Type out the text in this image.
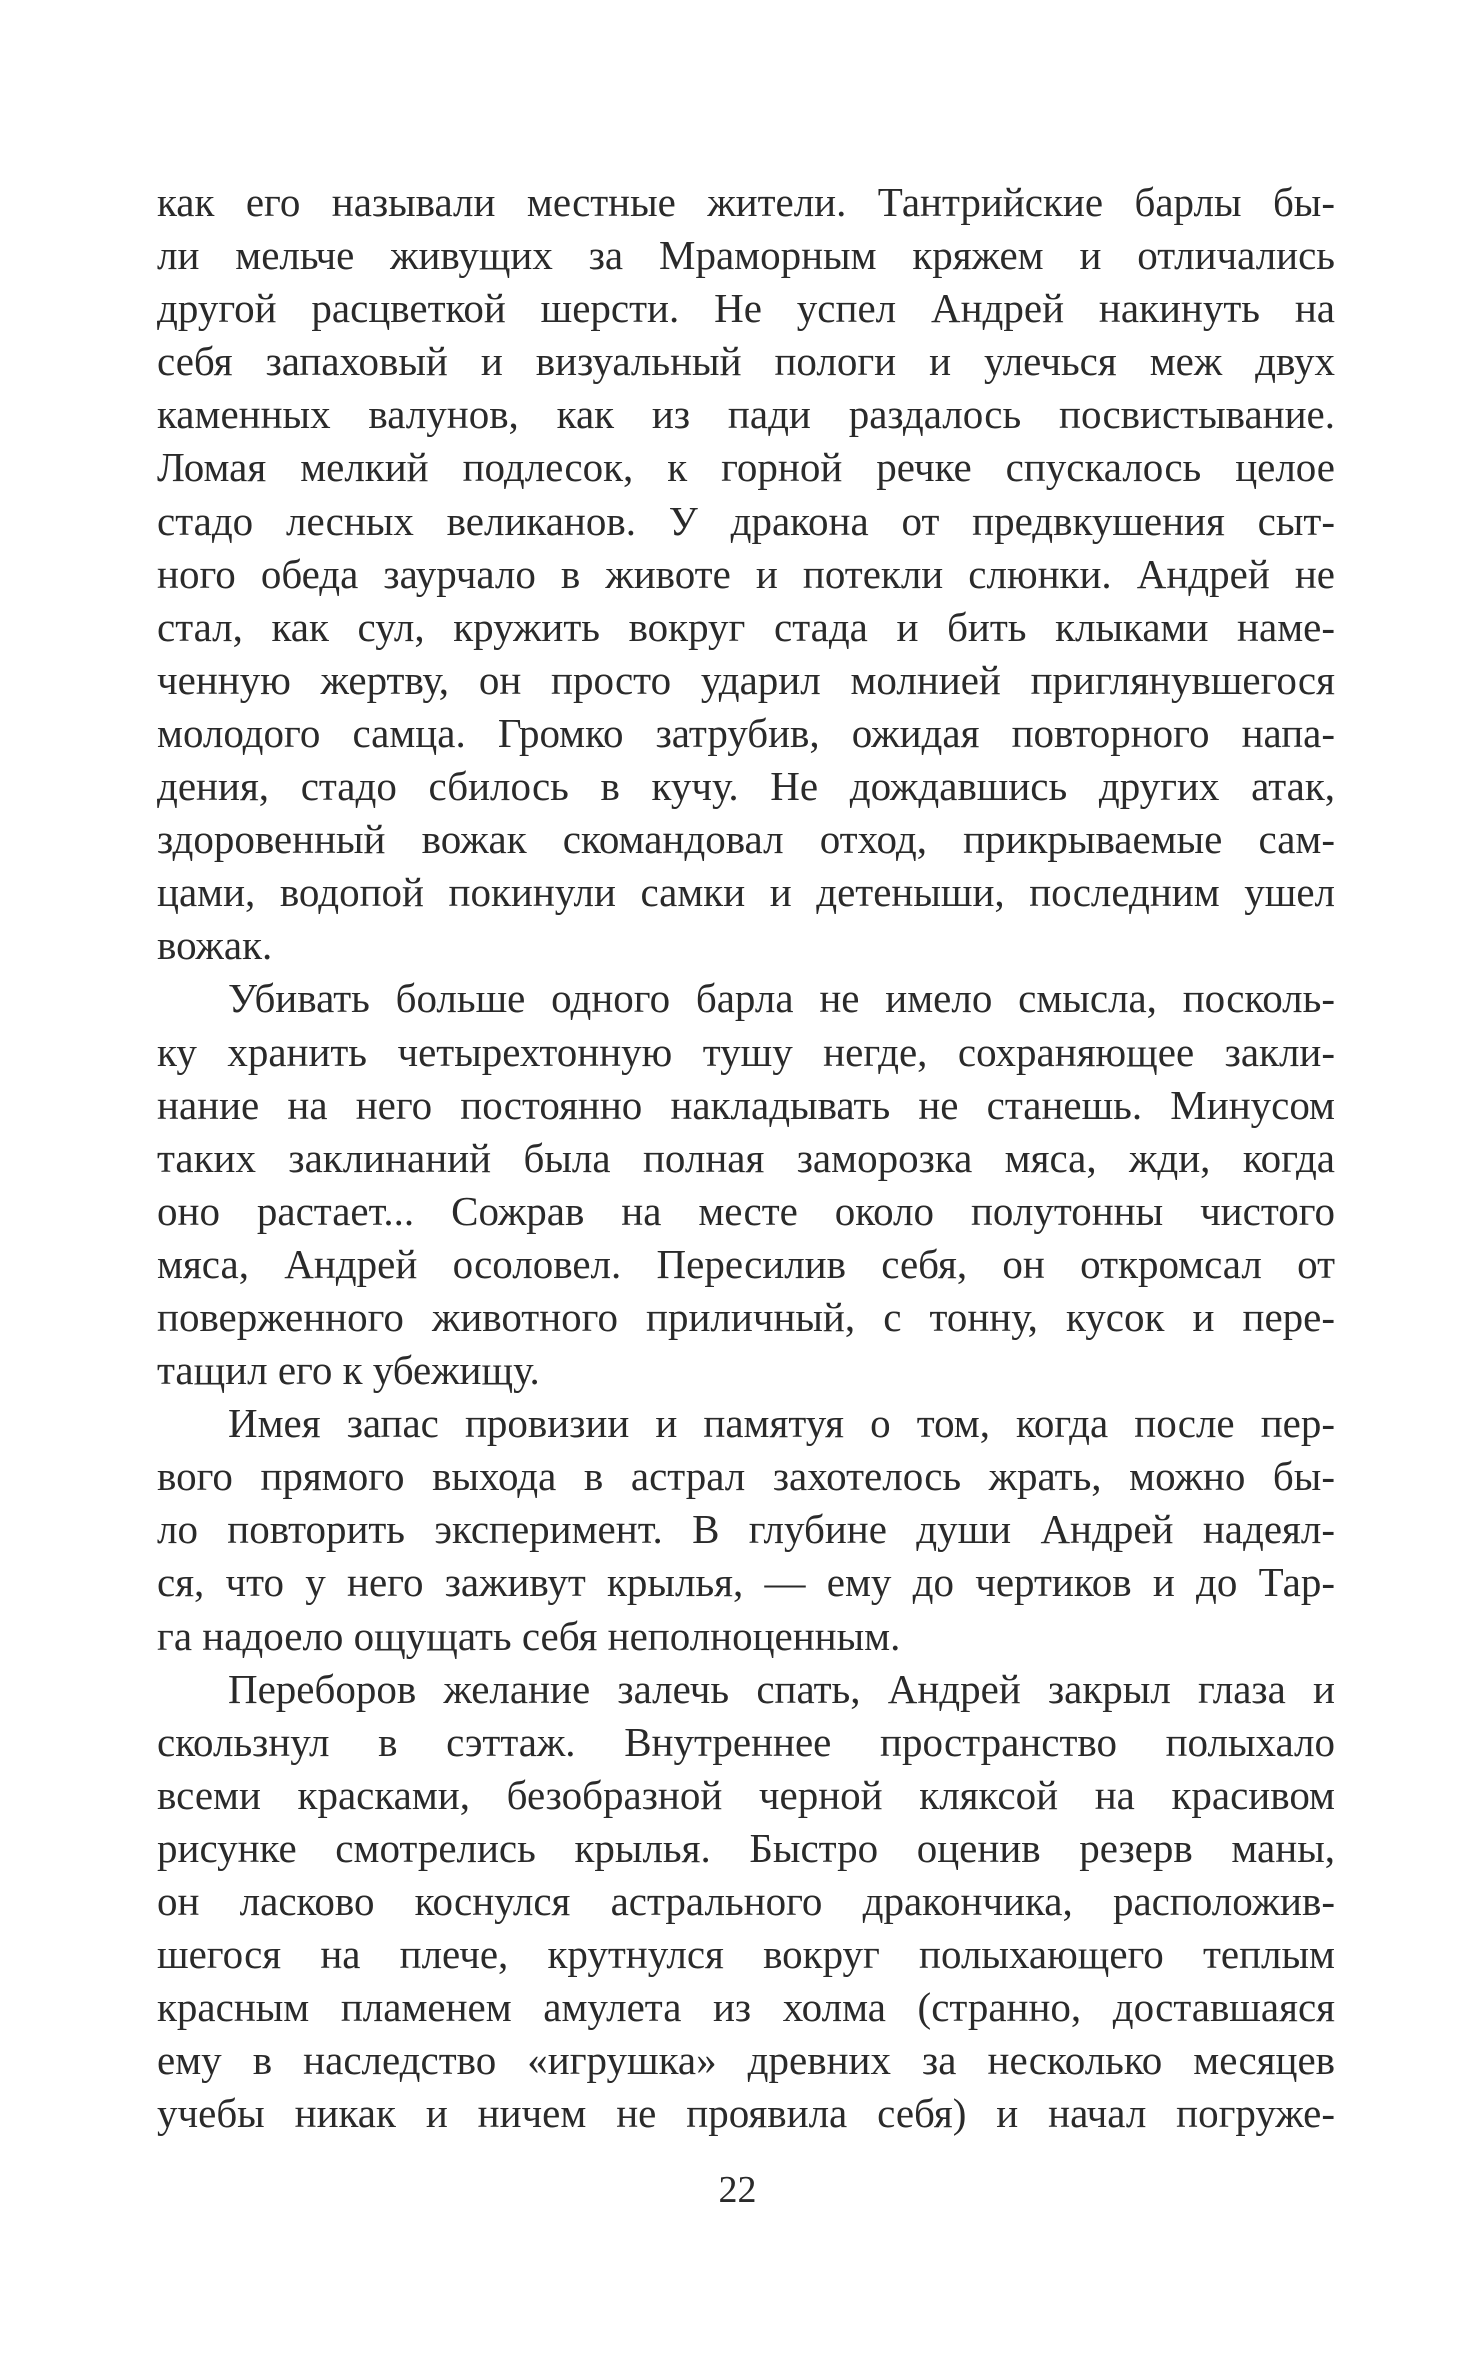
как его называли местные жители. Тантрийские барлы бы-
ли мельче живущих за Мраморным кряжем и отличались
другой расцветкой шерсти. Не успел Андрей накинуть на
себя запаховый и визуальный пологи и улечься меж двух
каменных валунов, как из пади раздалось посвистывание.
Ломая мелкий подлесок, к горной речке спускалось целое
стадо лесных великанов. У дракона от предвкушения сыт-
ного обеда заурчало в животе и потекли слюнки. Андрей не
стал, как сул, кружить вокруг стада и бить клыками наме-
ченную жертву, он просто ударил молнией приглянувшегося
молодого самца. Громко затрубив, ожидая повторного напа-
дения, стадо сбилось в кучу. Не дождавшись других атак,
здоровенный вожак скомандовал отход, прикрываемые сам-
цами, водопой покинули самки и детеныши, последним ушел
вожак.

Убивать больше одного барла не имело смысла, посколь-
ку хранить четырехтонную тушу негде, сохраняющее закли-
нание на него постоянно накладывать не станешь. Минусом
таких заклинаний была полная заморозка мяса, жди, когда
оно растает... Сожрав на месте около полутонны чистого
мяса, Андрей осоловел. Пересилив себя, он откромсал от
поверженного животного приличный, с тонну, кусок и пере-
тащил его к убежищу.

Имея запас провизии и памятуя о том, когда после пер-
вого прямого выхода в астрал захотелось жрать, можно бы-
ло повторить эксперимент. В глубине души Андрей надеял-
ся, что у него заживут крылья, — ему до чертиков и до Тар-
га надоело ощущать себя неполноценным.

Переборов желание залечь спать, Андрей закрыл глаза и
скользнул в сэттаж. Внутреннее пространство полыхало
всеми красками, безобразной черной кляксой на красивом
рисунке смотрелись крылья. Быстро оценив резерв маны,
он ласково коснулся астрального дракончика, расположив-
шегося на плече, крутнулся вокруг полыхающего теплым
красным пламенем амулета из холма (странно, доставшаяся
ему в наследство «игрушка» древних за несколько месяцев
учебы никак и ничем не проявила себя) и начал погруже-

22
